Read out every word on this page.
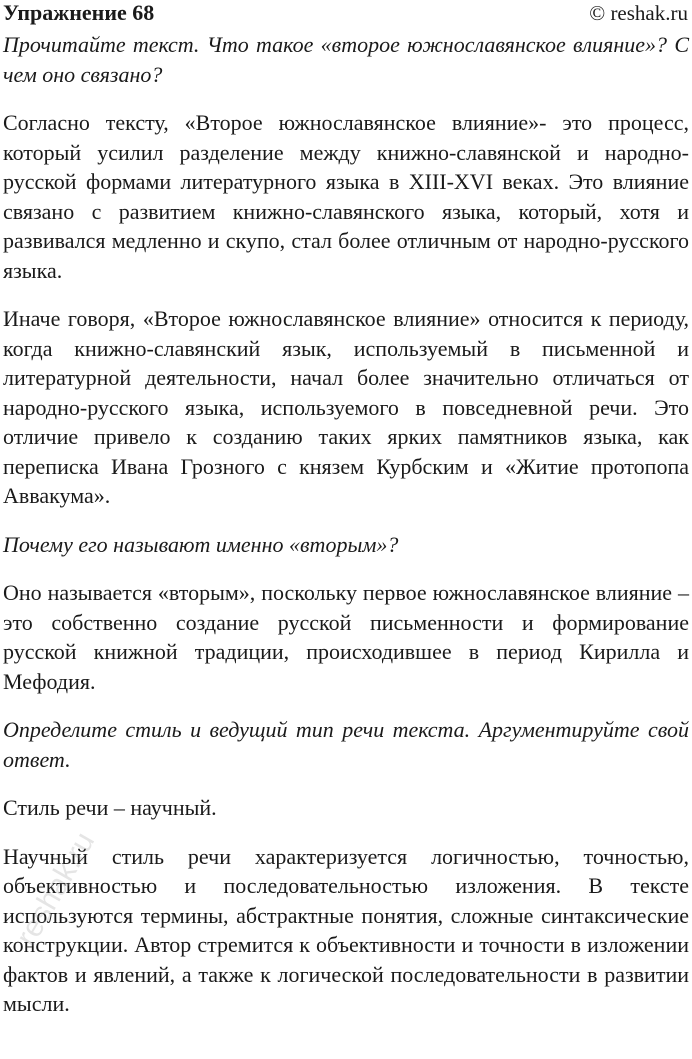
Упражнение 68	© reshak.ru

Прочитайте текст. Что такое «второе южнославянское влияние»? С чем оно связано?

Согласно тексту, «Второе южнославянское влияние»- это процесс, который усилил разделение между книжно-славянской и народно-русской формами литературного языка в XIII-XVI веках. Это влияние связано с развитием книжно-славянского языка, который, хотя и развивался медленно и скупо, стал более отличным от народно-русского языка.

Иначе говоря, «Второе южнославянское влияние» относится к периоду, когда книжно-славянский язык, используемый в письменной и литературной деятельности, начал более значительно отличаться от народно-русского языка, используемого в повседневной речи. Это отличие привело к созданию таких ярких памятников языка, как переписка Ивана Грозного с князем Курбским и «Житие протопопа Аввакума».

Почему его называют именно «вторым»?

Оно называется «вторым», поскольку первое южнославянское влияние – это собственно создание русской письменности и формирование русской книжной традиции, происходившее в период Кирилла и Мефодия.

Определите стиль и ведущий тип речи текста. Аргументируйте свой ответ.

Стиль речи – научный.

Научный стиль речи характеризуется логичностью, точностью, объективностью и последовательностью изложения. В тексте используются термины, абстрактные понятия, сложные синтаксические конструкции. Автор стремится к объективности и точности в изложении фактов и явлений, а также к логической последовательности в развитии мысли.

reshak.ru
